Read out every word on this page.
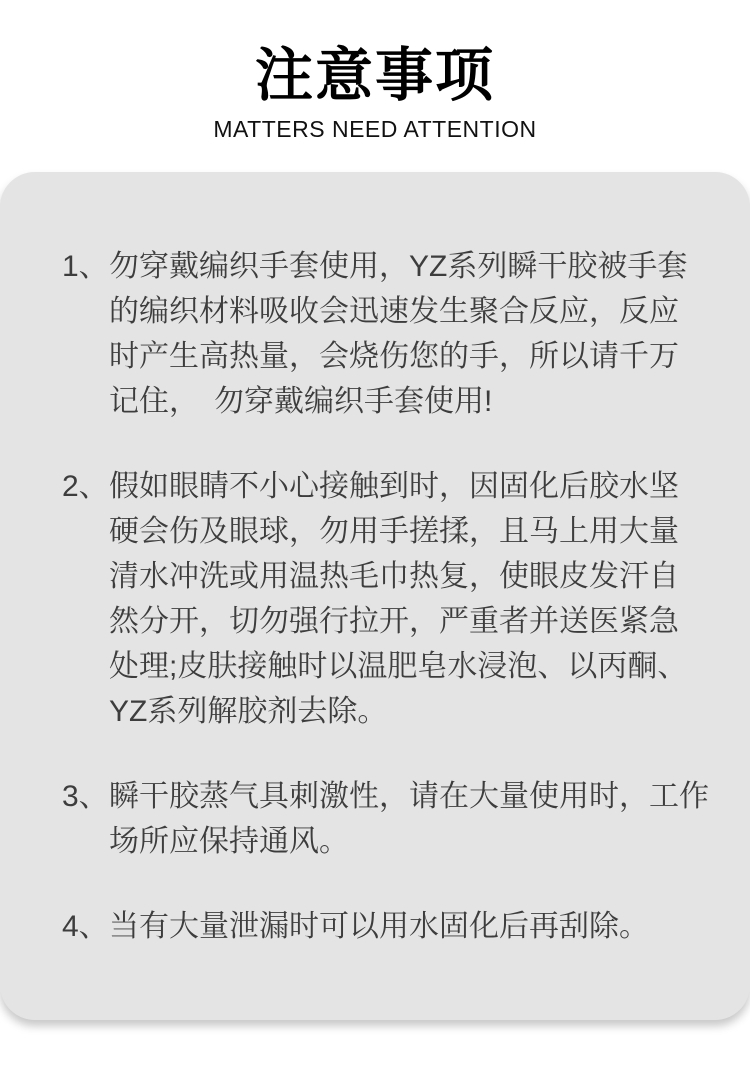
注意事项
MATTERS NEED ATTENTION
1、 勿穿戴编织手套使用，YZ系列瞬干胶被手套
的编织材料吸收会迅速发生聚合反应，反应
时产生高热量，会烧伤您的手，所以请千万
记住，　勿穿戴编织手套使用!
2、 假如眼睛不小心接触到时，因固化后胶水坚
硬会伤及眼球，勿用手搓揉，且马上用大量
清水冲洗或用温热毛巾热复，使眼皮发汗自
然分开，切勿强行拉开，严重者并送医紧急
处理;皮肤接触时以温肥皂水浸泡、以丙酮、
YZ系列解胶剂去除。
3、 瞬干胶蒸气具刺激性，请在大量使用时，工作
场所应保持通风。
4、 当有大量泄漏时可以用水固化后再刮除。
